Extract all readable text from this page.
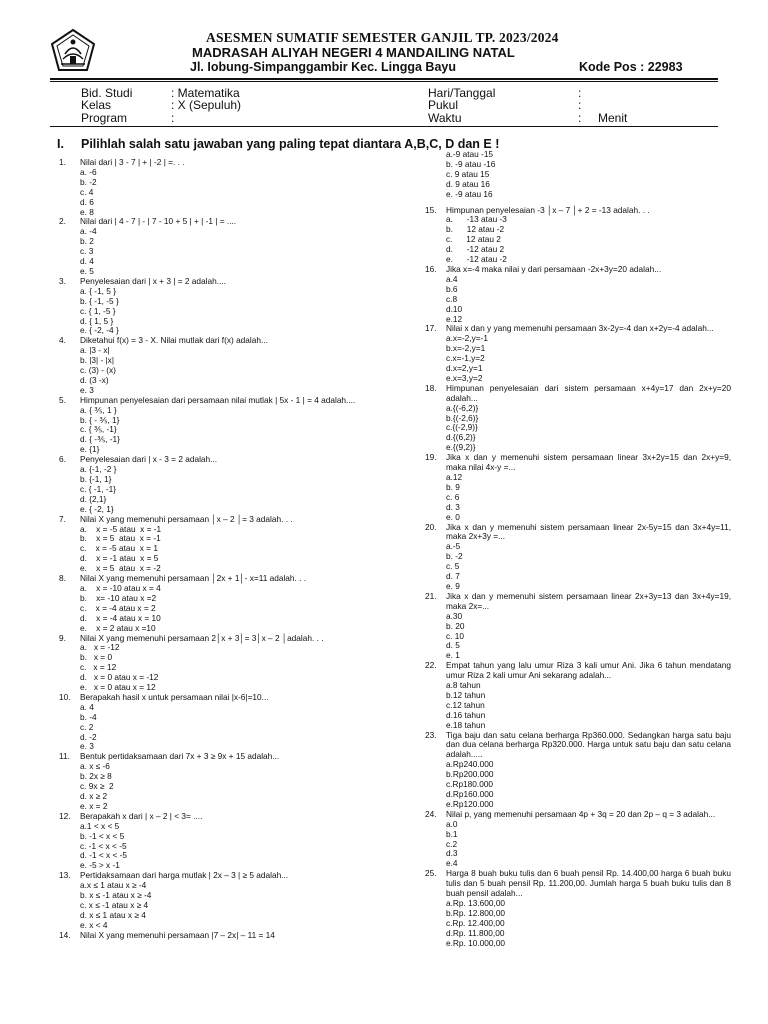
ASESMEN SUMATIF SEMESTER GANJIL TP. 2023/2024
MADRASAH ALIYAH NEGERI 4 MANDAILING NATAL
Jl. Iobung-Simpanggambir Kec. Lingga Bayu	Kode Pos : 22983
Bid. Studi	: Matematika
Kelas	: X (Sepuluh)
Program	:
Hari/Tanggal	:
Pukul	:
Waktu	: Menit
I. Pilihlah salah satu jawaban yang paling tepat diantara A,B,C, D dan E !
1. Nilai dari | 3 - 7 | + | -2 | =. . .
a. -6
b. -2
c. 4
d. 6
e. 8
2. Nilai dari | 4 - 7 | - | 7 - 10 + 5 | + | -1 | = ....
a. -4
b. 2
c. 3
d. 4
e. 5
3. Penyelesaian dari | x + 3 | = 2 adalah....
a. { -1, 5 }
b. { -1, -5 }
c. { 1, -5 }
d. { 1, 5 }
e. { -2, -4 }
4. Diketahui f(x) = 3 - X. Nilai mutlak dari f(x) adalah...
a. |3 - x|
b. |3| - |x|
c. (3) - (x)
d. (3 -x)
e. 3
5. Himpunan penyelesaian dari persamaan nilai mutlak | 5x - 1 | = 4 adalah....
a. { ⅗, 1 }
b. { - ⅗, 1}
c. { ⅗, -1}
d. { -⅗, -1}
e. {1}
6. Penyelesaian dari | x - 3 = 2 adalah...
a. {-1, -2 }
b. {-1, 1}
c. { -1, -1}
d. {2,1}
e. { -2, 1}
7. Nilai X yang memenuhi persamaan │x – 2 │= 3 adalah. . .
a.    x = -5 atau  x = -1
b.    x = 5  atau  x = -1
c.    x = -5 atau  x = 1
d.    x = -1 atau  x = 5
e.    x = 5  atau  x = -2
8. Nilai X yang memenuhi persamaan │2x + 1│- x=11 adalah. . .
a.    x = -10 atau x = 4
b.    x= -10 atau x =2
c.    x = -4 atau x = 2
d.    x = -4 atau x = 10
e.    x = 2 atau x =10
9. Nilai X yang memenuhi persamaan 2│x + 3│= 3│x – 2 │adalah. . .
a.   x = -12
b.   x = 0
c.   x = 12
d.   x = 0 atau x = -12
e.   x = 0 atau x = 12
10. Berapakah hasil x untuk persamaan nilai |x-6|=10...
a. 4
b. -4
c. 2
d. -2
e. 3
11. Bentuk pertidaksamaan dari 7x + 3 ≥ 9x + 15 adalah...
a. x ≤ -6
b. 2x ≥ 8
c. 9x ≥  2
d. x ≥ 2
e. x = 2
12. Berapakah x dari | x – 2 | < 3= ....
a.1 < x < 5
b. -1 < x < 5
c. -1 < x < -5
d. -1 < x < -5
e. -5 > x -1
13. Pertidaksamaan dari harga mutlak | 2x – 3 | ≥ 5 adalah...
a.x ≤ 1 atau x ≥ -4
b. x ≤ -1 atau x ≥ -4
c. x ≤ -1 atau x ≥ 4
d. x ≤ 1 atau x ≥ 4
e. x < 4
14. Nilai X yang memenuhi persamaan |7 – 2x| – 11 = 14
a.-9 atau -15
b. -9 atau -16
c. 9 atau 15
d. 9 atau 16
e. -9 atau 16
15. Himpunan penyelesaian -3 │x – 7 │+ 2 = -13 adalah. . .
a.      -13 atau -3
b.      12 atau -2
c.      12 atau 2
d.      -12 atau 2
e.      -12 atau -2
16. Jika x=-4 maka nilai y dari persamaan -2x+3y=20 adalah...
a.4
b.6
c.8
d.10
e.12
17. Nilai x dan y yang memenuhi persamaan 3x-2y=-4 dan x+2y=-4 adalah...
a.x=-2,y=-1
b.x=-2,y=1
c.x=-1,y=2
d.x=2,y=1
e.x=3,y=2
18. Himpunan penyelesaian dari sistem persamaan x+4y=17 dan 2x+y=20 adalah...
a.{(-6,2)}
b.{(-2,6)}
c.{(-2,9)}
d.{(6,2)}
e.{(9,2)}
19. Jika x dan y memenuhi sistem persamaan linear 3x+2y=15 dan 2x+y=9, maka nilai 4x-y =...
a.12
b. 9
c. 6
d. 3
e. 0
20. Jika x dan y memenuhi sistem persamaan linear 2x-5y=15 dan 3x+4y=11, maka 2x+3y =...
a.-5
b. -2
c. 5
d. 7
e. 9
21. Jika x dan y memenuhi sistem persamaan linear 2x+3y=13 dan 3x+4y=19, maka 2x=...
a.30
b. 20
c. 10
d. 5
e. 1
22. Empat tahun yang lalu umur Riza 3 kali umur Ani. Jika 6 tahun mendatang umur Riza 2 kali umur Ani sekarang adalah...
a.8 tahun
b.12 tahun
c.12 tahun
d.16 tahun
e.18 tahun
23. Tiga baju dan satu celana berharga Rp360.000. Sedangkan harga satu baju dan dua celana berharga Rp320.000. Harga untuk satu baju dan satu celana adalah.....
a.Rp240.000
b.Rp200.000
c.Rp180.000
d.Rp160.000
e.Rp120.000
24. Nilai p, yang memenuhi persamaan 4p + 3q = 20 dan 2p – q = 3 adalah...
a.0
b.1
c.2
d.3
e.4
25. Harga 8 buah buku tulis dan 6 buah pensil Rp. 14.400,00 harga 6 buah buku tulis dan 5 buah pensil Rp. 11.200,00. Jumlah harga 5 buah buku tulis dan 8 buah pensil adalah...
a.Rp. 13.600,00
b.Rp. 12.800,00
c.Rp. 12.400,00
d.Rp. 11.800,00
e.Rp. 10.000,00
